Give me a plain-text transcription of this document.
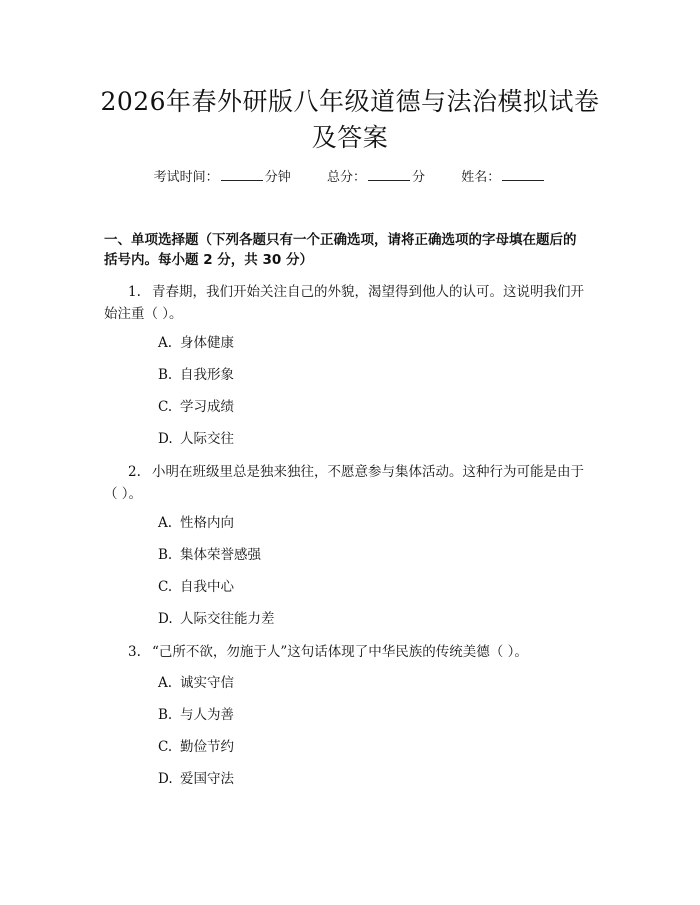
2026年春外研版八年级道德与法治模拟试卷
及答案
考试时间：	分钟	总分：	分	姓名：
一、单项选择题（下列各题只有一个正确选项，请将正确选项的字母填在题后的
括号内。每小题 2 分，共 30 分）
1. 青春期，我们开始关注自己的外貌，渴望得到他人的认可。这说明我们开
始注重（ ）。
A. 身体健康
B. 自我形象
C. 学习成绩
D. 人际交往
2. 小明在班级里总是独来独往，不愿意参与集体活动。这种行为可能是由于
（ ）。
A. 性格内向
B. 集体荣誉感强
C. 自我中心
D. 人际交往能力差
3. “己所不欲，勿施于人”这句话体现了中华民族的传统美德（ ）。
A. 诚实守信
B. 与人为善
C. 勤俭节约
D. 爱国守法
